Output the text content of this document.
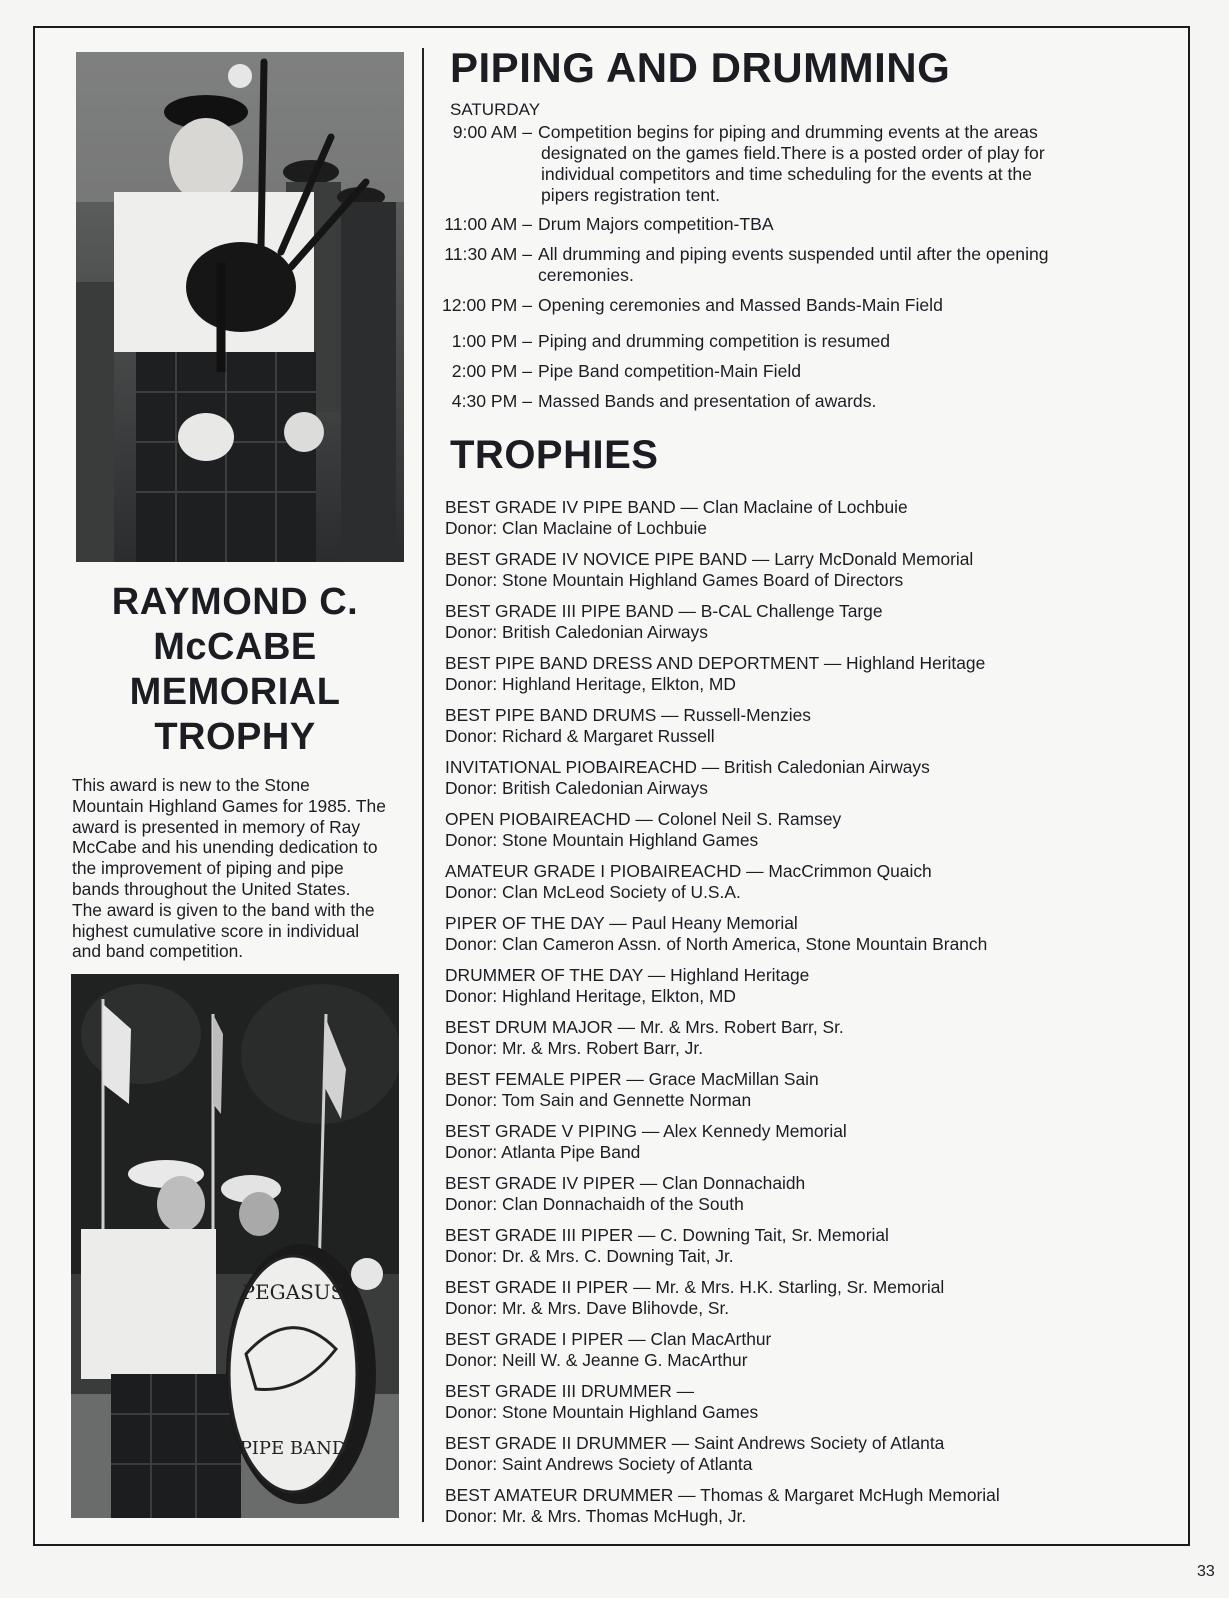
RAYMOND C.
McCABE
MEMORIAL
TROPHY
This award is new to the Stone
Mountain Highland Games for 1985. The
award is presented in memory of Ray
McCabe and his unending dedication to
the improvement of piping and pipe
bands throughout the United States.
The award is given to the band with the
highest cumulative score in individual
and band competition.
PEGASUS
PIPE BAND
PIPING AND DRUMMING
SATURDAY
9:00 AM – Competition begins for piping and drumming events at the areas
designated on the games field.There is a posted order of play for
individual competitors and time scheduling for the events at the
pipers registration tent.
11:00 AM – Drum Majors competition-TBA
11:30 AM – All drumming and piping events suspended until after the opening
ceremonies.
12:00 PM – Opening ceremonies and Massed Bands-Main Field
1:00 PM – Piping and drumming competition is resumed
2:00 PM – Pipe Band competition-Main Field
4:30 PM – Massed Bands and presentation of awards.
TROPHIES
BEST GRADE IV PIPE BAND — Clan Maclaine of Lochbuie
Donor: Clan Maclaine of Lochbuie
BEST GRADE IV NOVICE PIPE BAND — Larry McDonald Memorial
Donor: Stone Mountain Highland Games Board of Directors
BEST GRADE III PIPE BAND — B-CAL Challenge Targe
Donor: British Caledonian Airways
BEST PIPE BAND DRESS AND DEPORTMENT — Highland Heritage
Donor: Highland Heritage, Elkton, MD
BEST PIPE BAND DRUMS — Russell-Menzies
Donor: Richard & Margaret Russell
INVITATIONAL PIOBAIREACHD — British Caledonian Airways
Donor: British Caledonian Airways
OPEN PIOBAIREACHD — Colonel Neil S. Ramsey
Donor: Stone Mountain Highland Games
AMATEUR GRADE I PIOBAIREACHD — MacCrimmon Quaich
Donor: Clan McLeod Society of U.S.A.
PIPER OF THE DAY — Paul Heany Memorial
Donor: Clan Cameron Assn. of North America, Stone Mountain Branch
DRUMMER OF THE DAY — Highland Heritage
Donor: Highland Heritage, Elkton, MD
BEST DRUM MAJOR — Mr. & Mrs. Robert Barr, Sr.
Donor: Mr. & Mrs. Robert Barr, Jr.
BEST FEMALE PIPER — Grace MacMillan Sain
Donor: Tom Sain and Gennette Norman
BEST GRADE V PIPING — Alex Kennedy Memorial
Donor: Atlanta Pipe Band
BEST GRADE IV PIPER — Clan Donnachaidh
Donor: Clan Donnachaidh of the South
BEST GRADE III PIPER — C. Downing Tait, Sr. Memorial
Donor: Dr. & Mrs. C. Downing Tait, Jr.
BEST GRADE II PIPER — Mr. & Mrs. H.K. Starling, Sr. Memorial
Donor: Mr. & Mrs. Dave Blihovde, Sr.
BEST GRADE I PIPER — Clan MacArthur
Donor: Neill W. & Jeanne G. MacArthur
BEST GRADE III DRUMMER —
Donor: Stone Mountain Highland Games
BEST GRADE II DRUMMER — Saint Andrews Society of Atlanta
Donor: Saint Andrews Society of Atlanta
BEST AMATEUR DRUMMER — Thomas & Margaret McHugh Memorial
Donor: Mr. & Mrs. Thomas McHugh, Jr.
33
